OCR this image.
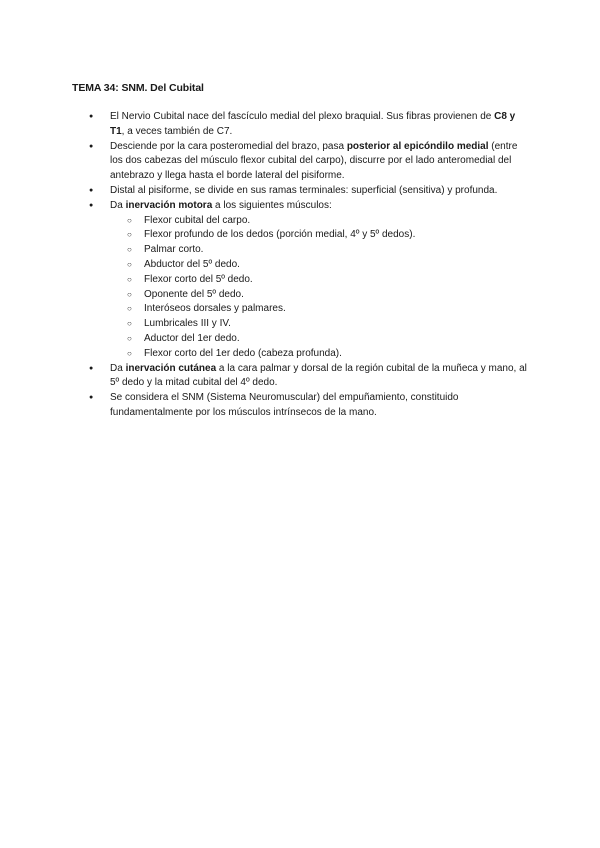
TEMA 34: SNM. Del Cubital
● El Nervio Cubital nace del fascículo medial del plexo braquial. Sus fibras provienen de C8 y T1, a veces también de C7.
● Desciende por la cara posteromedial del brazo, pasa posterior al epicóndilo medial (entre los dos cabezas del músculo flexor cubital del carpo), discurre por el lado anteromedial del antebrazo y llega hasta el borde lateral del pisiforme.
● Distal al pisiforme, se divide en sus ramas terminales: superficial (sensitiva) y profunda.
● Da inervación motora a los siguientes músculos:
○ Flexor cubital del carpo.
○ Flexor profundo de los dedos (porción medial, 4º y 5º dedos).
○ Palmar corto.
○ Abductor del 5º dedo.
○ Flexor corto del 5º dedo.
○ Oponente del 5º dedo.
○ Interóseos dorsales y palmares.
○ Lumbricales III y IV.
○ Aductor del 1er dedo.
○ Flexor corto del 1er dedo (cabeza profunda).
● Da inervación cutánea a la cara palmar y dorsal de la región cubital de la muñeca y mano, al 5º dedo y la mitad cubital del 4º dedo.
● Se considera el SNM (Sistema Neuromuscular) del empuñamiento, constituido fundamentalmente por los músculos intrínsecos de la mano.
